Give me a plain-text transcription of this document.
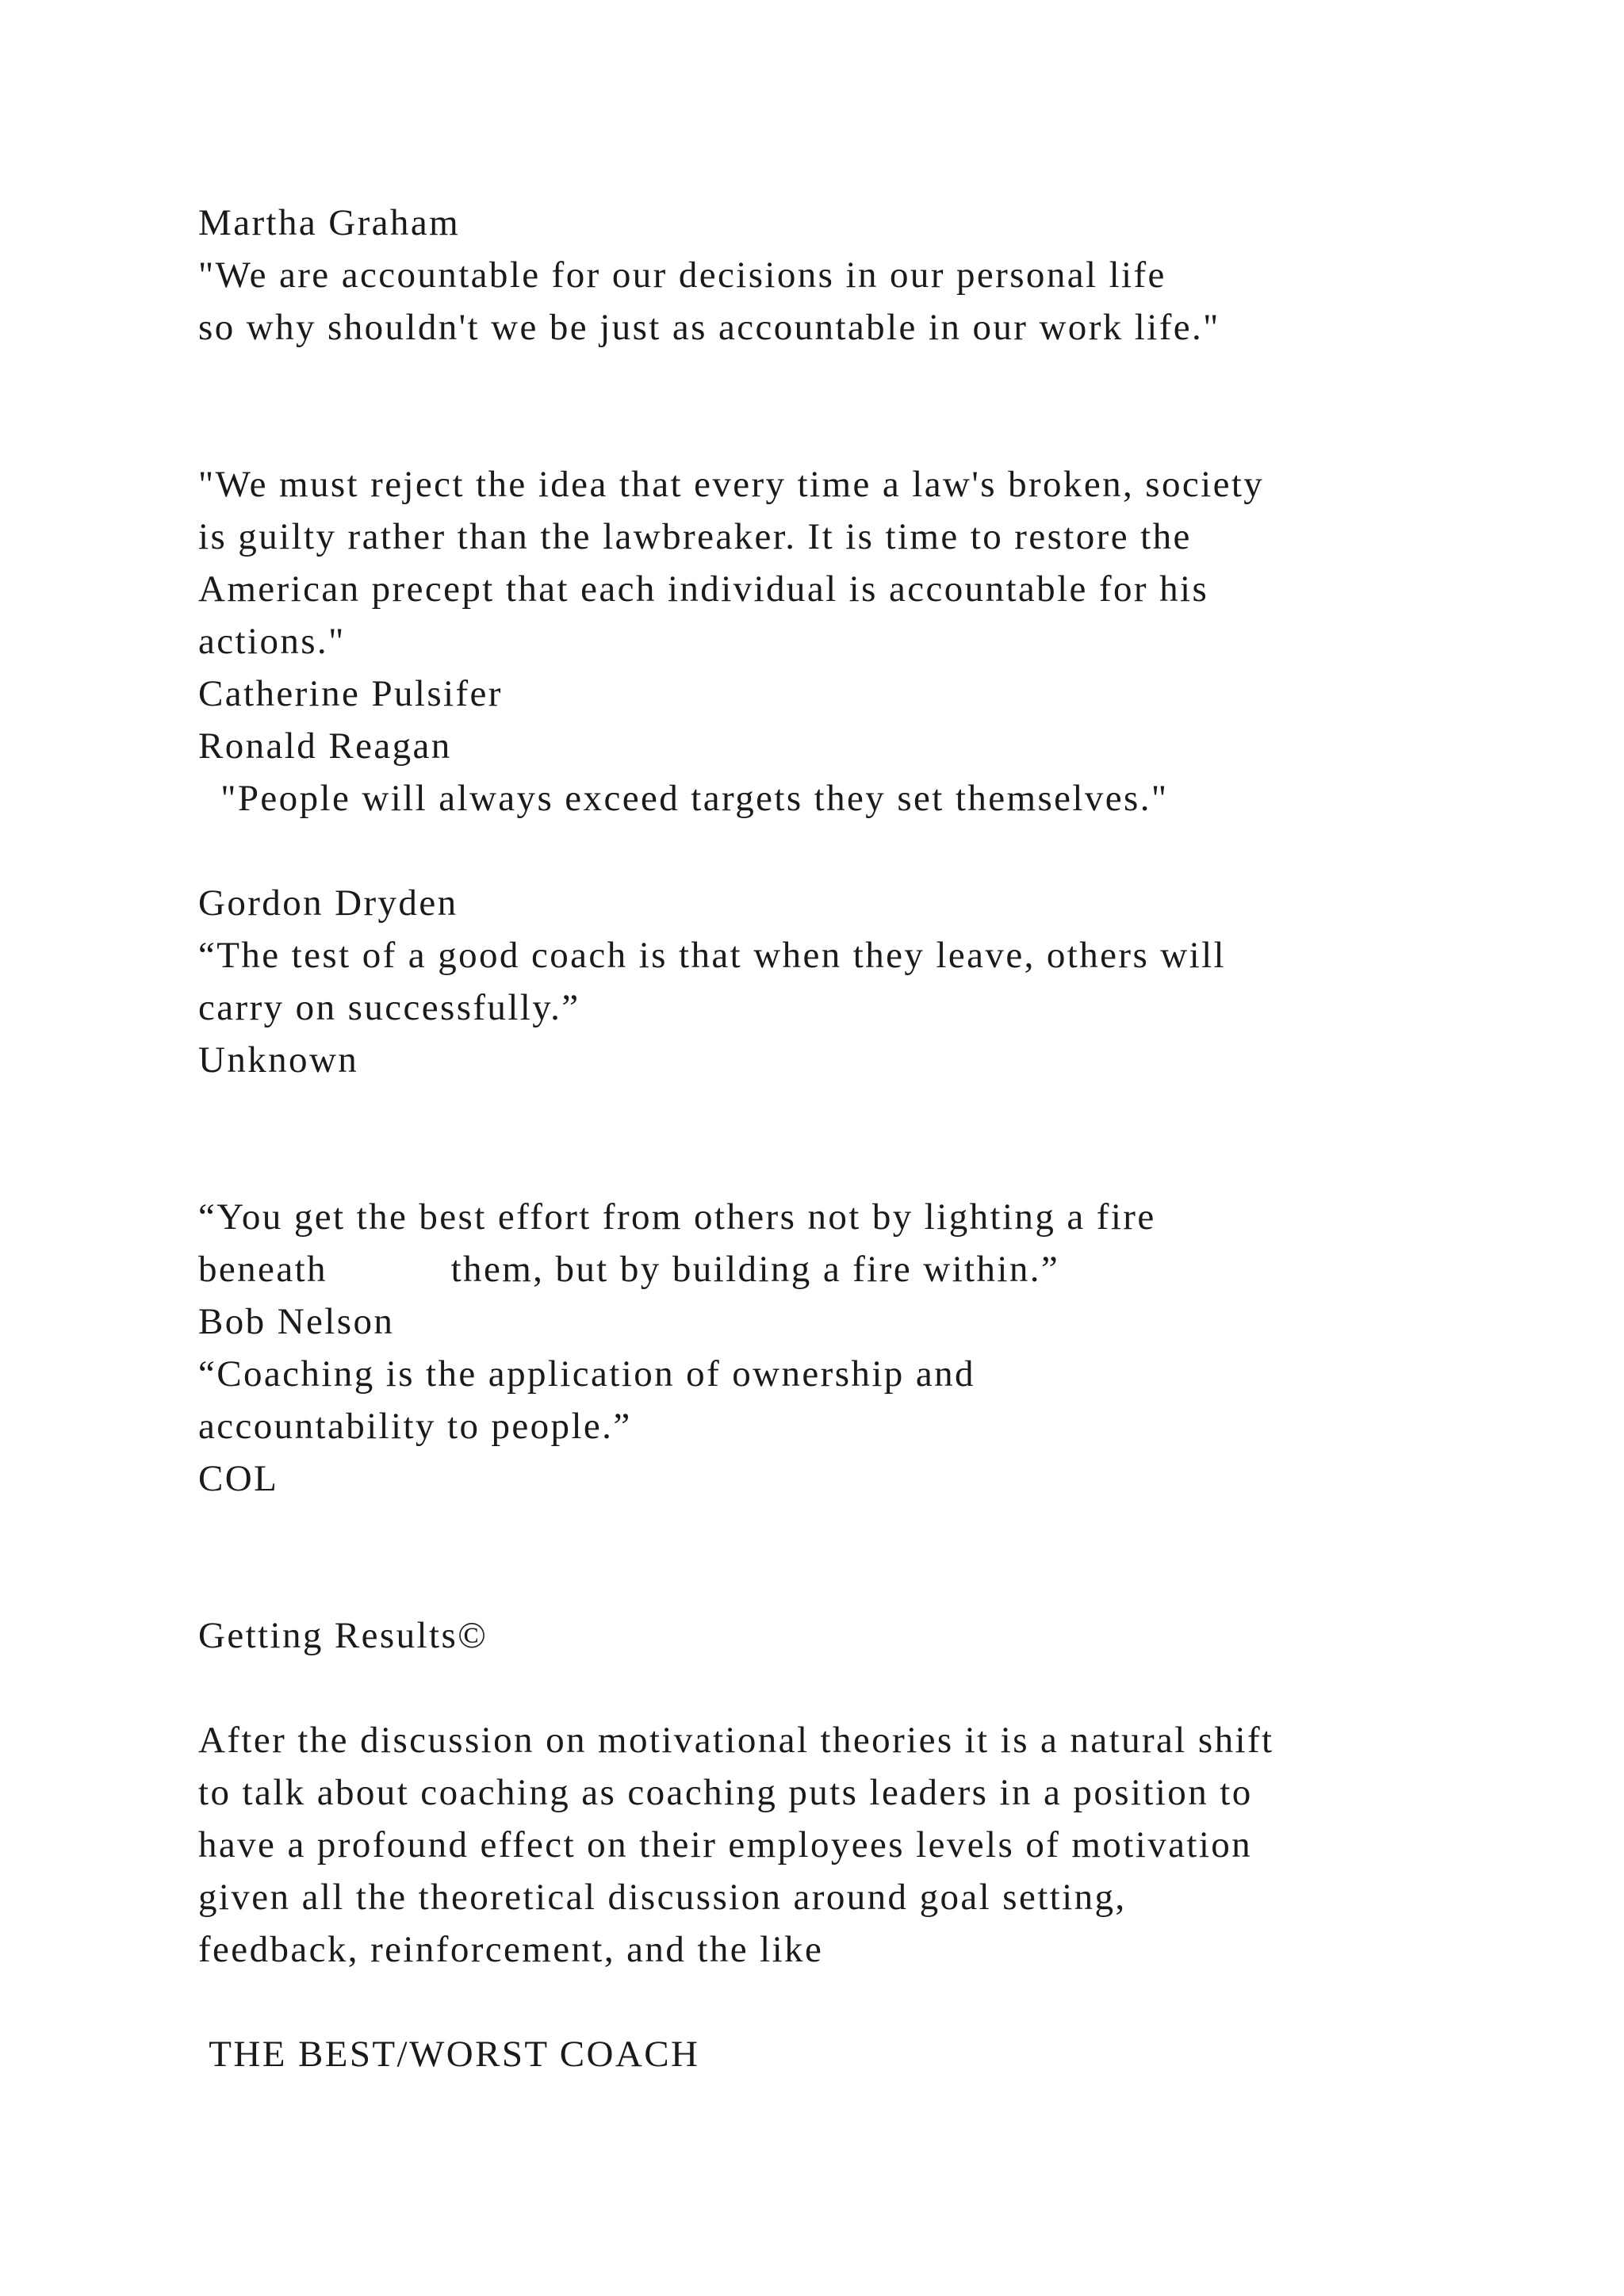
Martha Graham

"We are accountable for our decisions in our personal life

so why shouldn't we be just as accountable in our work life."

"We must reject the idea that every time a law's broken, society

is guilty rather than the lawbreaker. It is time to restore the

American precept that each individual is accountable for his

actions."

Catherine Pulsifer

Ronald Reagan

"People will always exceed targets they set themselves."

Gordon Dryden

“The test of a good coach is that when they leave, others will

carry on successfully.”

Unknown

“You get the best effort from others not by lighting a fire

beneath           them, but by building a fire within.”

Bob Nelson

“Coaching is the application of ownership and

accountability to people.”

COL

Getting Results©

After the discussion on motivational theories it is a natural shift

to talk about coaching as coaching puts leaders in a position to

have a profound effect on their employees levels of motivation

given all the theoretical discussion around goal setting,

feedback, reinforcement, and the like

THE BEST/WORST COACH
